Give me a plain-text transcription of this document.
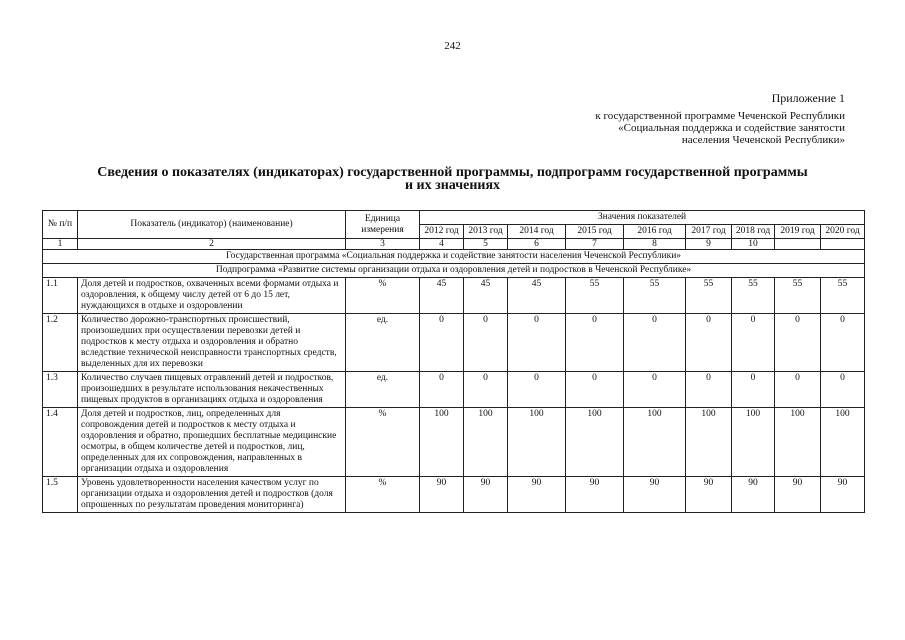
242
Приложение 1
к государственной программе Чеченской Республики
«Социальная поддержка и содействие занятости
населения Чеченской Республики»
Сведения о показателях (индикаторах) государственной программы, подпрограмм государственной программы
и их значениях
№ п/п	Показатель (индикатор) (наименование)	Единица измерения	Значения показателей								
			2012 год	2013 год	2014 год	2015 год	2016 год	2017 год	2018 год	2019 год	2020 год
1	2	3	4	5	6	7	8	9	10		
Государственная программа «Социальная поддержка и содействие занятости населения Чеченской Республики»											
Подпрограмма «Развитие системы организации отдыха и оздоровления детей и подростков в Чеченской Республике»											
1.1	Доля детей и подростков, охваченных всеми формами отдыха и оздоровления, к общему числу детей от 6 до 15 лет, нуждающихся в отдыхе и оздоровлении	%	45	45	45	55	55	55	55	55	55
1.2	Количество дорожно-транспортных происшествий, произошедших при осуществлении перевозки детей и подростков к месту отдыха и оздоровления и обратно вследствие технической неисправности транспортных средств, выделенных для их перевозки	ед.	0	0	0	0	0	0	0	0	0
1.3	Количество случаев пищевых отравлений детей и подростков, произошедших в результате использования некачественных пищевых продуктов в организациях отдыха и оздоровления	ед.	0	0	0	0	0	0	0	0	0
1.4	Доля детей и подростков, лиц, определенных для сопровождения детей и подростков к месту отдыха и оздоровления и обратно, прошедших бесплатные медицинские осмотры, в общем количестве детей и подростков, лиц, определенных для их сопровождения, направленных в организации отдыха и оздоровления	%	100	100	100	100	100	100	100	100	100
1.5	Уровень удовлетворенности населения качеством услуг по организации отдыха и оздоровления детей и подростков (доля опрошенных по результатам проведения мониторинга)	%	90	90	90	90	90	90	90	90	90
